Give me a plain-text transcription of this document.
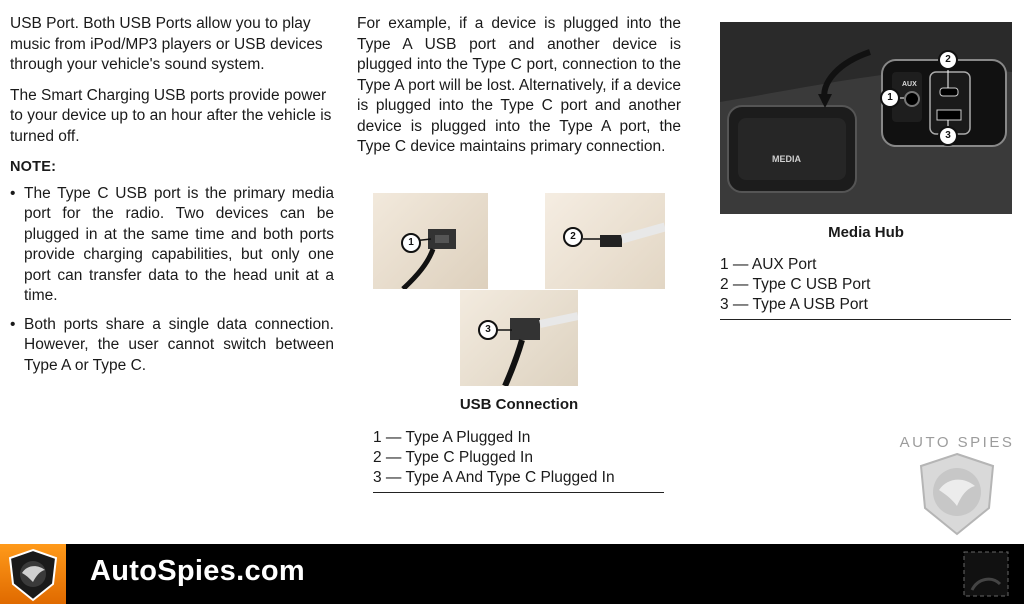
USB Port. Both USB Ports allow you to play music from iPod/MP3 players or USB devices through your vehicle's sound system.

The Smart Charging USB ports provide power to your device up to an hour after the vehicle is turned off.

NOTE:
• The Type C USB port is the primary media port for the radio. Two devices can be plugged in at the same time and both ports provide charging capabilities, but only one port can transfer data to the head unit at a time.
• Both ports share a single data connection. However, the user cannot switch between Type A or Type C.

For example, if a device is plugged into the Type A USB port and another device is plugged into the Type C port, connection to the Type A port will be lost. Alternatively, if a device is plugged into the Type C port and another device is plugged into the Type A port, the Type C device maintains primary connection.

1
2
3
USB Connection
1 — Type A Plugged In
2 — Type C Plugged In
3 — Type A And Type C Plugged In
MEDIA
AUX
1
2
3
Media Hub
1 — AUX Port
2 — Type C USB Port
3 — Type A USB Port
AUTO SPIES
AutoSpies.com
